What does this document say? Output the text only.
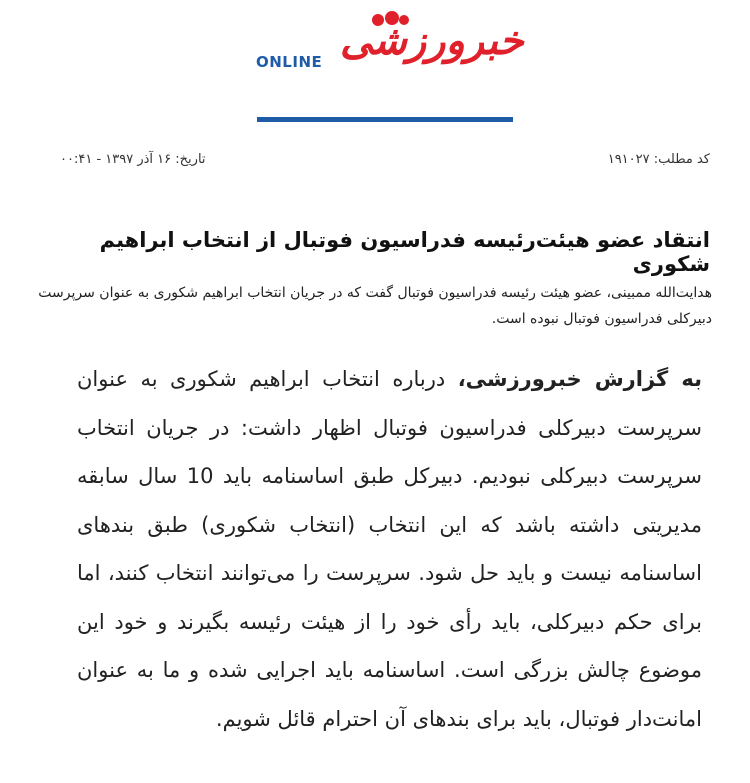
خبرورزشی
ONLINE
کد مطلب: ۱۹۱۰۲۷
تاریخ: ۱۶ آذر ۱۳۹۷ - ۰۰:۴۱
انتقاد عضو هیئت‌رئیسه فدراسیون فوتبال از انتخاب ابراهیم شکوری
هدایت‌الله ممبینی، عضو هیئت رئیسه فدراسیون فوتبال گفت که در جریان انتخاب ابراهیم شکوری به عنوان سرپرست دبیرکلی فدراسیون فوتبال نبوده است.
به گزارش خبرورزشی، درباره انتخاب ابراهیم شکوری به عنوان سرپرست دبیرکلی فدراسیون فوتبال اظهار داشت: در جریان انتخاب سرپرست دبیرکلی نبودیم. دبیرکل طبق اساسنامه باید 10 سال سابقه مدیریتی داشته باشد که این انتخاب (انتخاب شکوری) طبق بندهای اساسنامه نیست و باید حل شود. سرپرست را می‌توانند انتخاب کنند، اما برای حکم دبیرکلی، باید رأی خود را از هیئت رئیسه بگیرند و خود این موضوع چالش بزرگی است. اساسنامه باید اجرایی شده و ما به عنوان امانت‌دار فوتبال، باید برای بندهای آن احترام قائل شویم.
